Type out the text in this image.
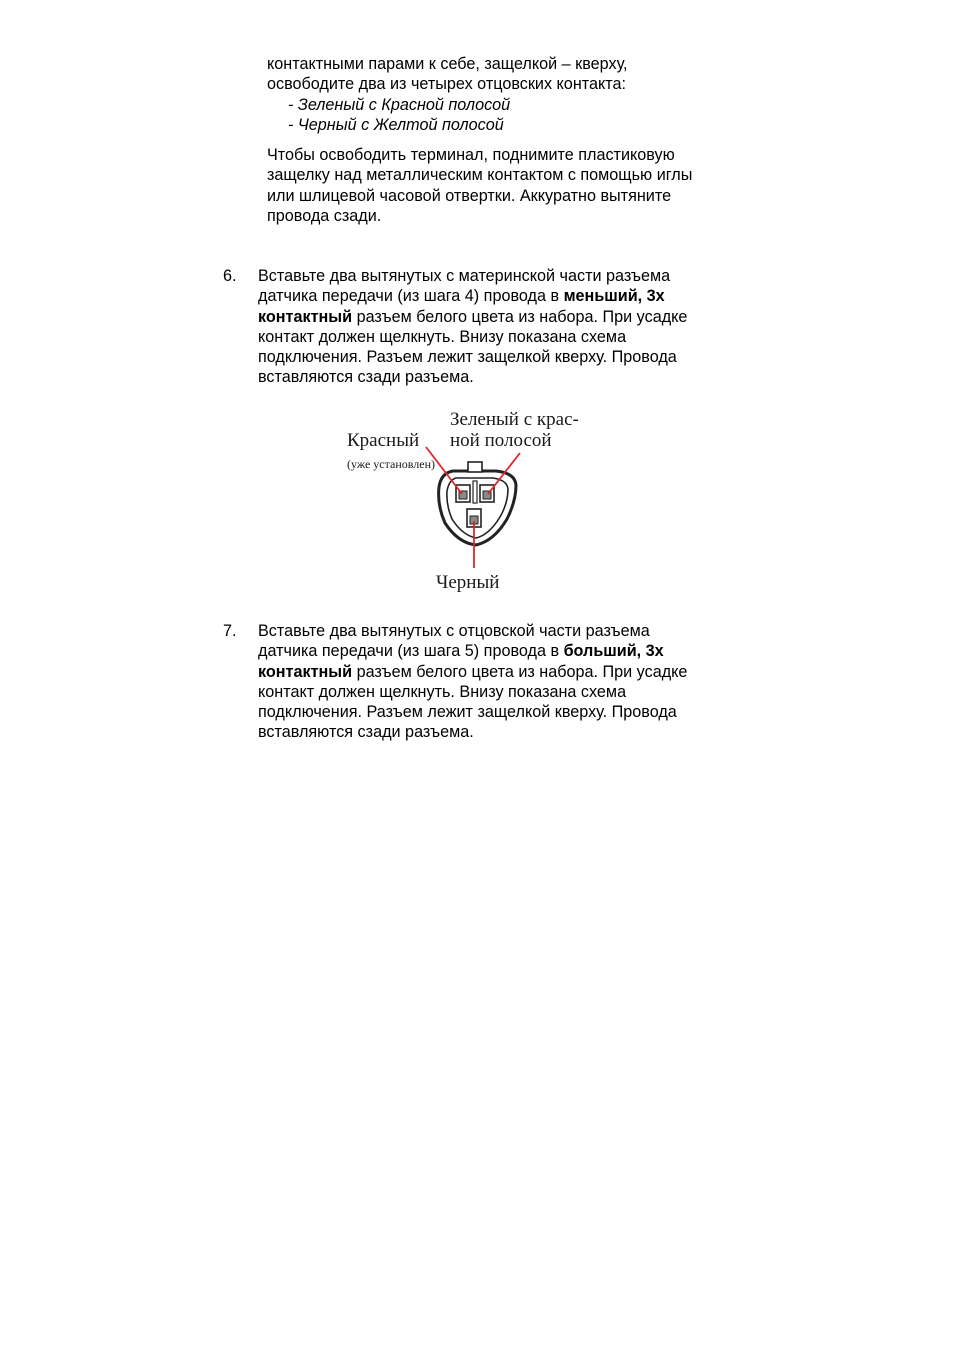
контактными парами к себе, защелкой – кверху,

освободите два из четырех отцовских контакта:

- Зеленый с Красной полосой

- Черный с Желтой полосой

Чтобы освободить терминал, поднимите пластиковую

защелку над металлическим контактом с помощью иглы

или шлицевой часовой отвертки. Аккуратно вытяните

провода сзади.

6.	Вставьте два вытянутых с материнской части разъема
датчика передачи (из шага 4) провода в меньший, 3х
контактный разъем белого цвета из набора. При усадке
контакт должен щелкнуть. Внизу показана схема
подключения. Разъем лежит защелкой кверху. Провода
вставляются сзади разъема.
Красный
(уже установлен)
Зеленый с крас-
ной полосой
Черный
7.	Вставьте два вытянутых с отцовской части разъема
датчика передачи (из шага 5) провода в больший, 3х
контактный разъем белого цвета из набора. При усадке
контакт должен щелкнуть. Внизу показана схема
подключения. Разъем лежит защелкой кверху. Провода
вставляются сзади разъема.
